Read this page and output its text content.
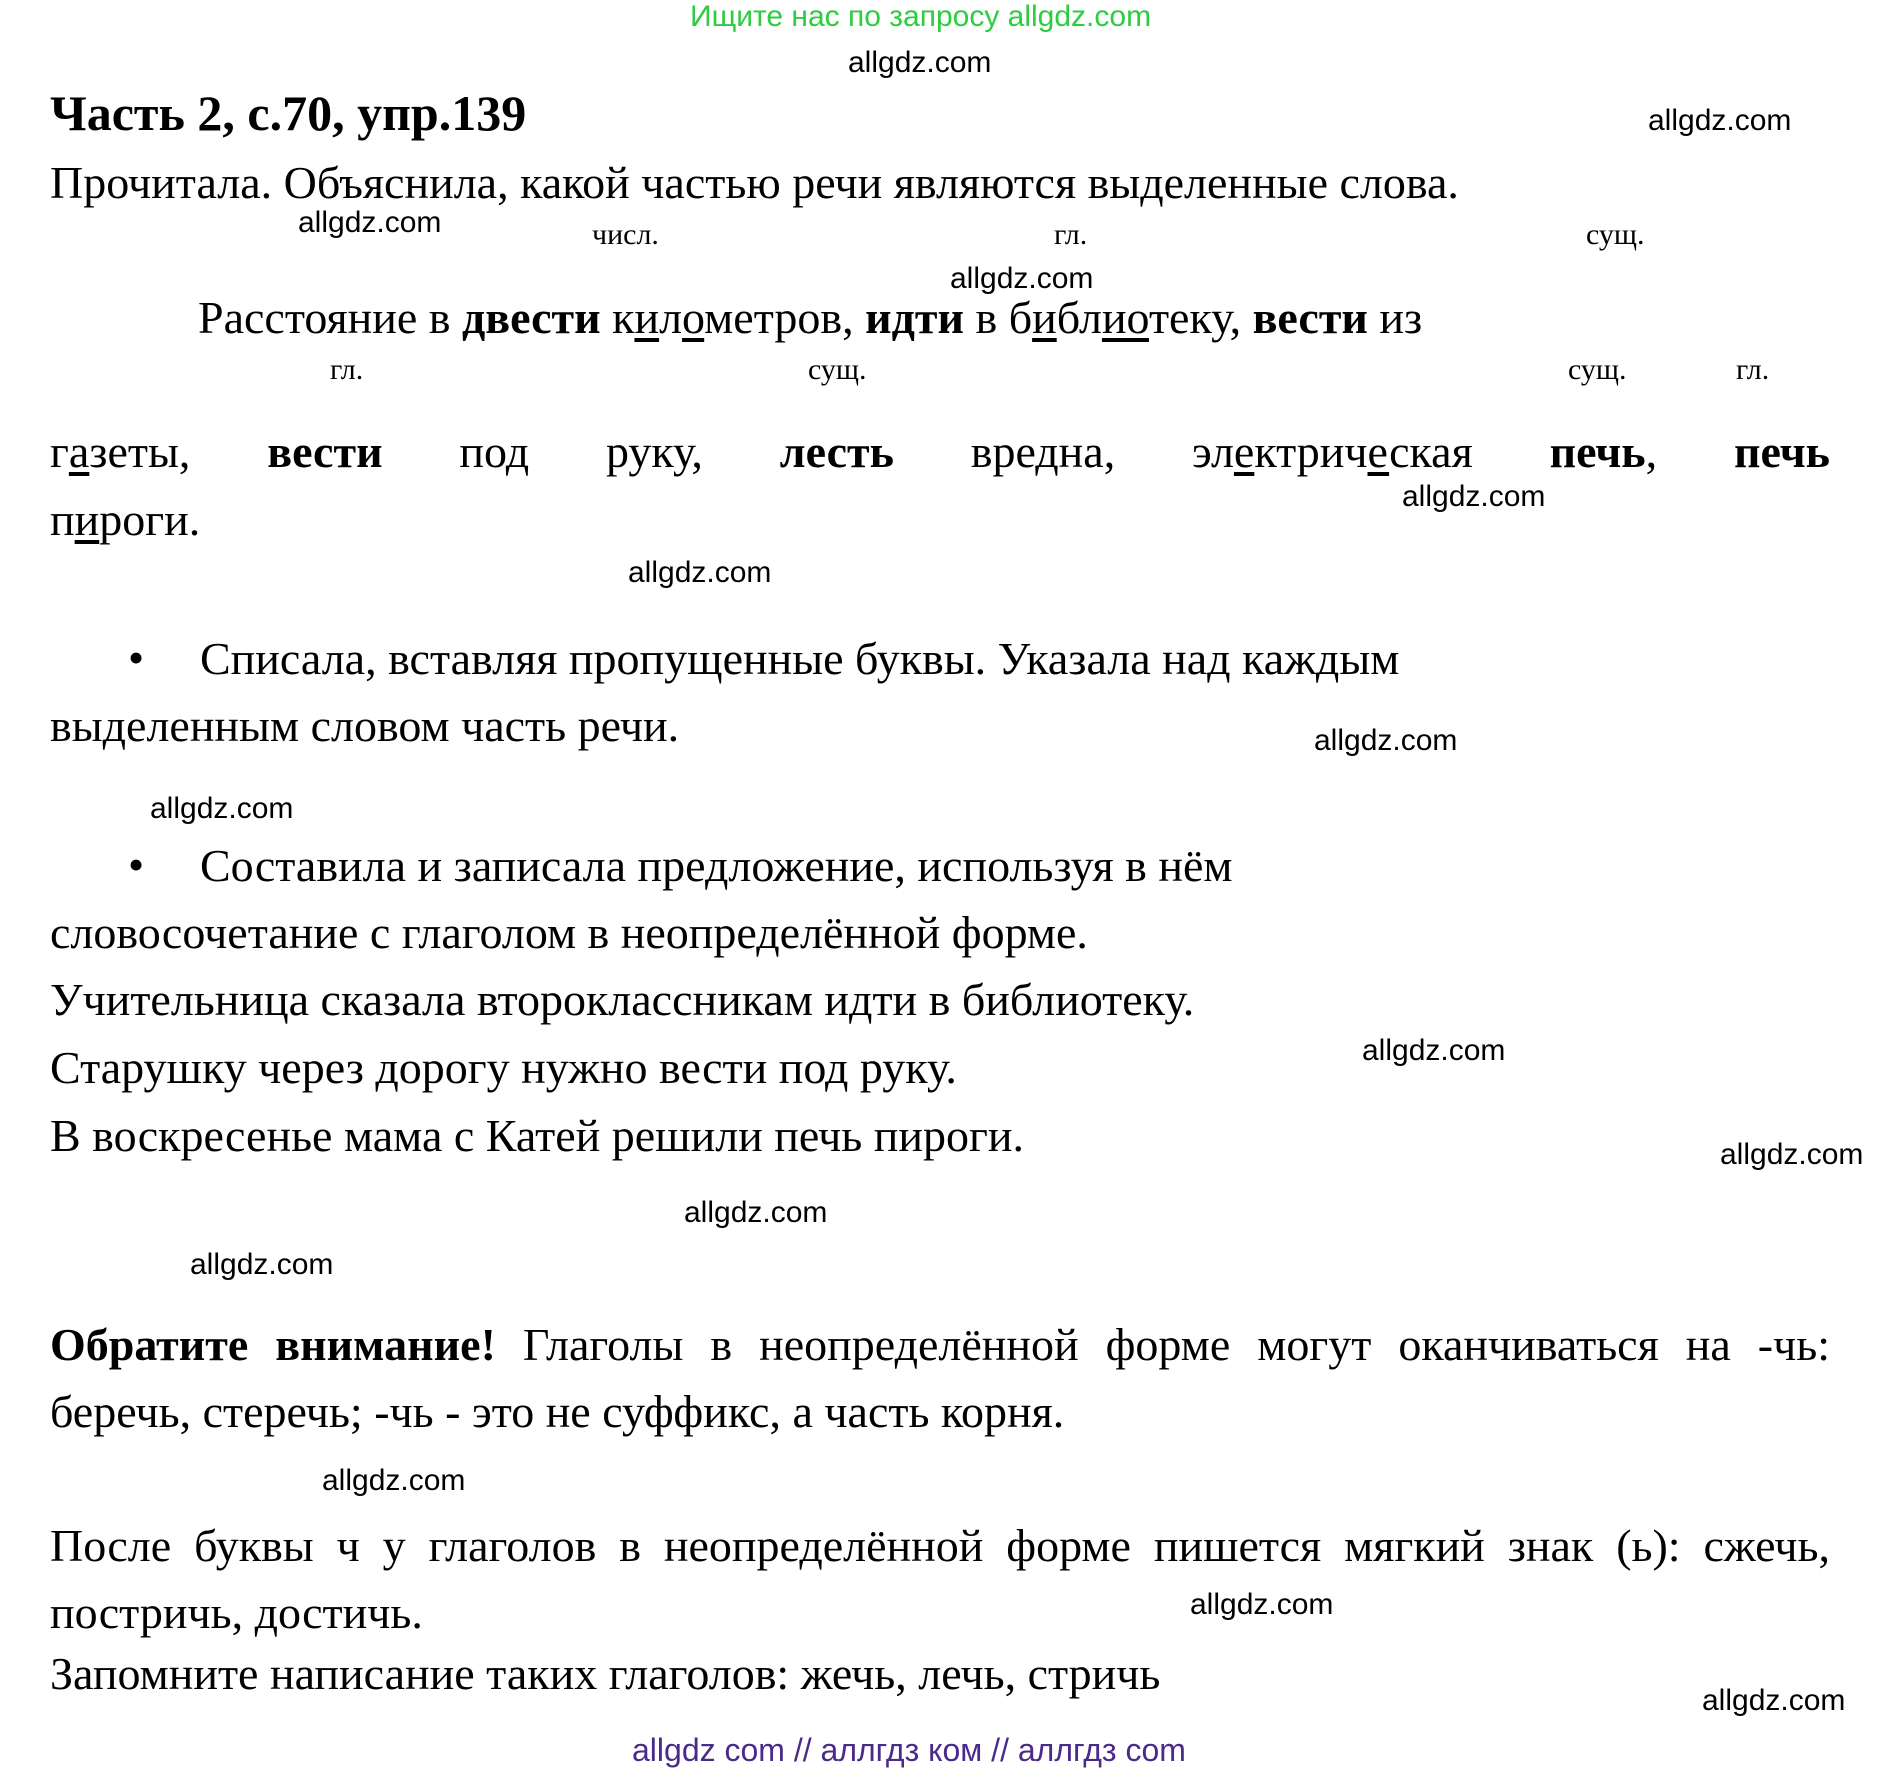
Ищите нас по запросу allgdz.com
allgdz.com
allgdz.com
allgdz.com
allgdz.com
allgdz.com
allgdz.com
allgdz.com
allgdz.com
allgdz.com
allgdz.com
allgdz.com
allgdz.com
allgdz.com
allgdz.com
allgdz.com
Часть 2, с.70, упр.139
Прочитала. Объяснила, какой частью речи являются выделенные слова.
числ.	гл.	сущ.
Расстояние в двести километров, идти в библиотеку, вести из
гл.	сущ.	сущ.	гл.
газеты, вести под руку, лесть вредна, электрическая печь, печь
пироги.
• Списала, вставляя пропущенные буквы. Указала над каждым
выделенным словом часть речи.
• Составила и записала предложение, используя в нём
словосочетание с глаголом в неопределённой форме.
Учительница сказала второклассникам идти в библиотеку.
Старушку через дорогу нужно вести под руку.
В воскресенье мама с Катей решили печь пироги.
Обратите внимание! Глаголы в неопределённой форме могут оканчиваться на -чь: беречь, стеречь; -чь - это не суффикс, а часть корня.
После буквы ч у глаголов в неопределённой форме пишется мягкий знак (ь): сжечь, постричь, достичь.
Запомните написание таких глаголов: жечь, лечь, стричь
allgdz com // аллгдз ком // аллгдз com
